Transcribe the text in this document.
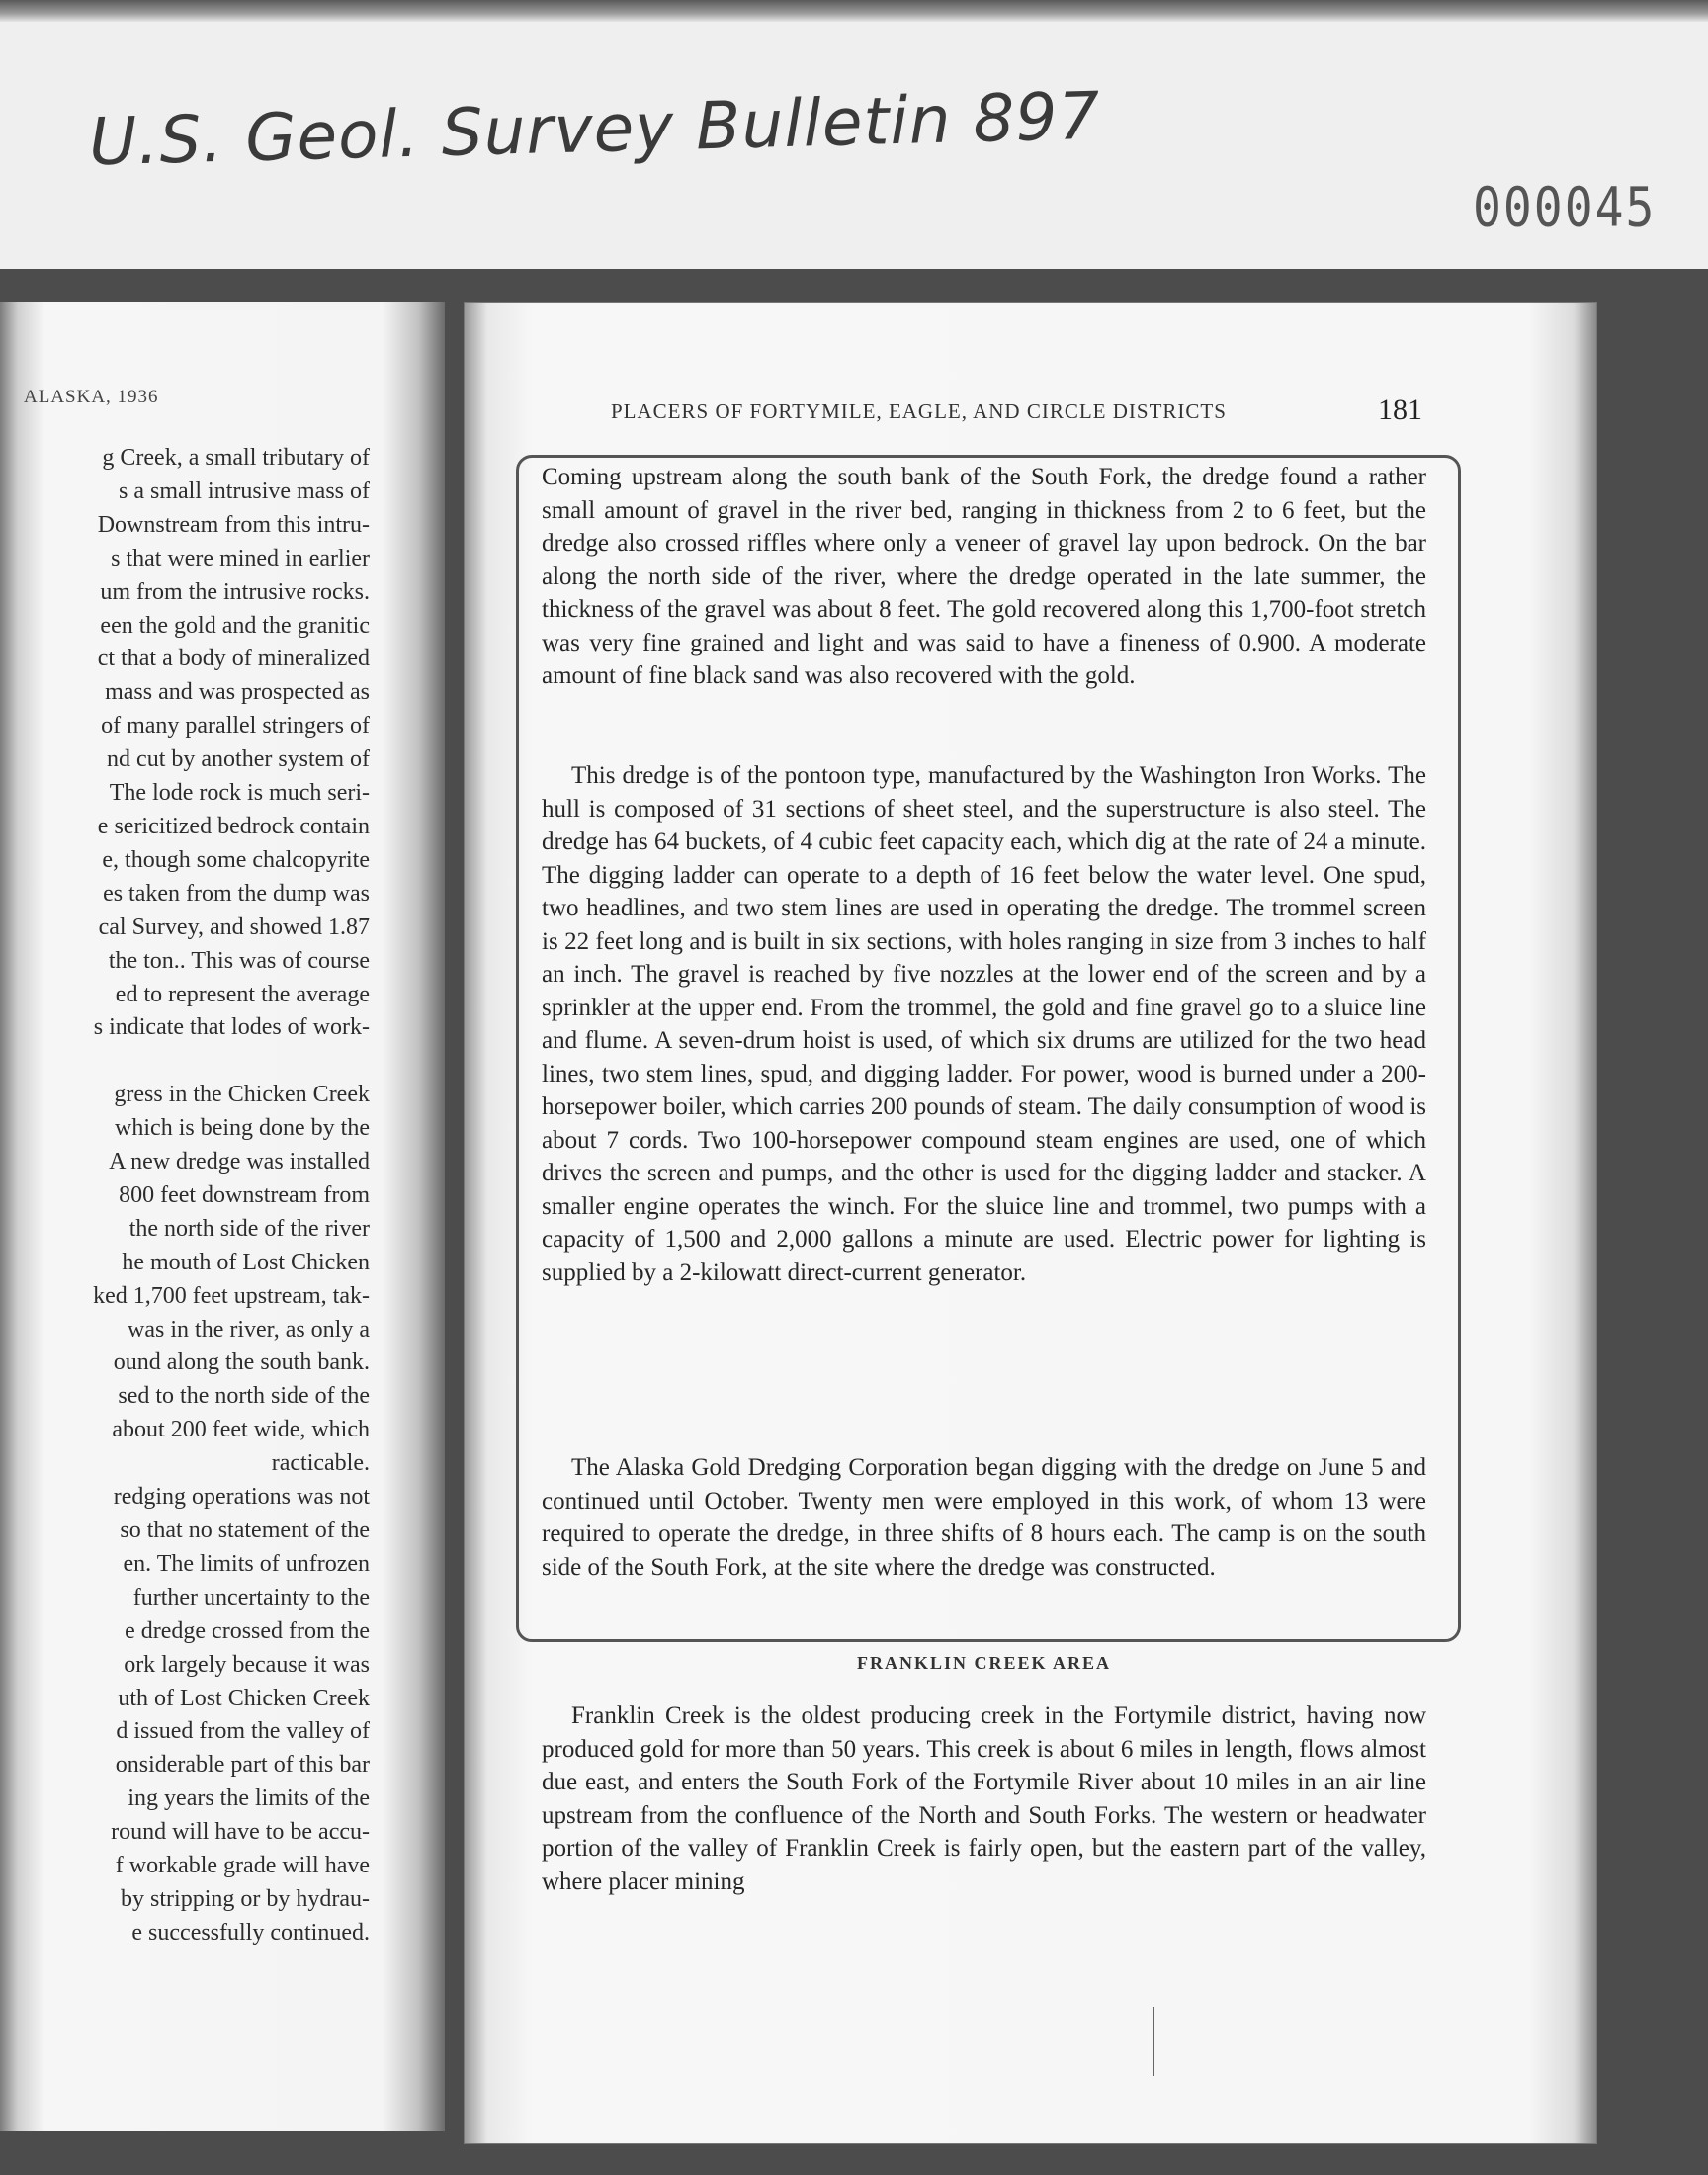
U.S. Geol. Survey Bulletin 897

000045

ALASKA, 1936

g Creek, a small tributary of
s a small intrusive mass of
Downstream from this intru-
s that were mined in earlier
um from the intrusive rocks.
een the gold and the granitic
ct that a body of mineralized
mass and was prospected as
of many parallel stringers of
nd cut by another system of
The lode rock is much seri-
e sericitized bedrock contain
e, though some chalcopyrite
es taken from the dump was
cal Survey, and showed 1.87
the ton.. This was of course
ed to represent the average
s indicate that lodes of work-
gress in the Chicken Creek
which is being done by the
A new dredge was installed
800 feet downstream from
the north side of the river
he mouth of Lost Chicken
ked 1,700 feet upstream, tak-
was in the river, as only a
ound along the south bank.
sed to the north side of the
about 200 feet wide, which
racticable.
redging operations was not
so that no statement of the
en. The limits of unfrozen
further uncertainty to the
e dredge crossed from the
ork largely because it was
uth of Lost Chicken Creek
d issued from the valley of
onsiderable part of this bar
ing years the limits of the
round will have to be accu-
f workable grade will have
by stripping or by hydrau-
e successfully continued.

PLACERS OF FORTYMILE, EAGLE, AND CIRCLE DISTRICTS	181

Coming upstream along the south bank of the South Fork, the dredge found a rather small amount of gravel in the river bed, ranging in thickness from 2 to 6 feet, but the dredge also crossed riffles where only a veneer of gravel lay upon bedrock. On the bar along the north side of the river, where the dredge operated in the late summer, the thickness of the gravel was about 8 feet. The gold recovered along this 1,700-foot stretch was very fine grained and light and was said to have a fineness of 0.900. A moderate amount of fine black sand was also recovered with the gold.

This dredge is of the pontoon type, manufactured by the Washington Iron Works. The hull is composed of 31 sections of sheet steel, and the superstructure is also steel. The dredge has 64 buckets, of 4 cubic feet capacity each, which dig at the rate of 24 a minute. The digging ladder can operate to a depth of 16 feet below the water level. One spud, two headlines, and two stem lines are used in operating the dredge. The trommel screen is 22 feet long and is built in six sections, with holes ranging in size from 3 inches to half an inch. The gravel is reached by five nozzles at the lower end of the screen and by a sprinkler at the upper end. From the trommel, the gold and fine gravel go to a sluice line and flume. A seven-drum hoist is used, of which six drums are utilized for the two head lines, two stem lines, spud, and digging ladder. For power, wood is burned under a 200-horsepower boiler, which carries 200 pounds of steam. The daily consumption of wood is about 7 cords. Two 100-horsepower compound steam engines are used, one of which drives the screen and pumps, and the other is used for the digging ladder and stacker. A smaller engine operates the winch. For the sluice line and trommel, two pumps with a capacity of 1,500 and 2,000 gallons a minute are used. Electric power for lighting is supplied by a 2-kilowatt direct-current generator.

FRANKLIN CREEK AREA

Franklin Creek is the oldest producing creek in the Fortymile district, having now produced gold for more than 50 years. This creek is about 6 miles in length, flows almost due east, and enters the South Fork of the Fortymile River about 10 miles in an air line upstream from the confluence of the North and South Forks. The western or headwater portion of the valley of Franklin Creek is fairly open, but the eastern part of the valley, where placer mining

The Alaska Gold Dredging Corporation began digging with the dredge on June 5 and continued until October. Twenty men were employed in this work, of whom 13 were required to operate the dredge, in three shifts of 8 hours each. The camp is on the south side of the South Fork, at the site where the dredge was constructed.
